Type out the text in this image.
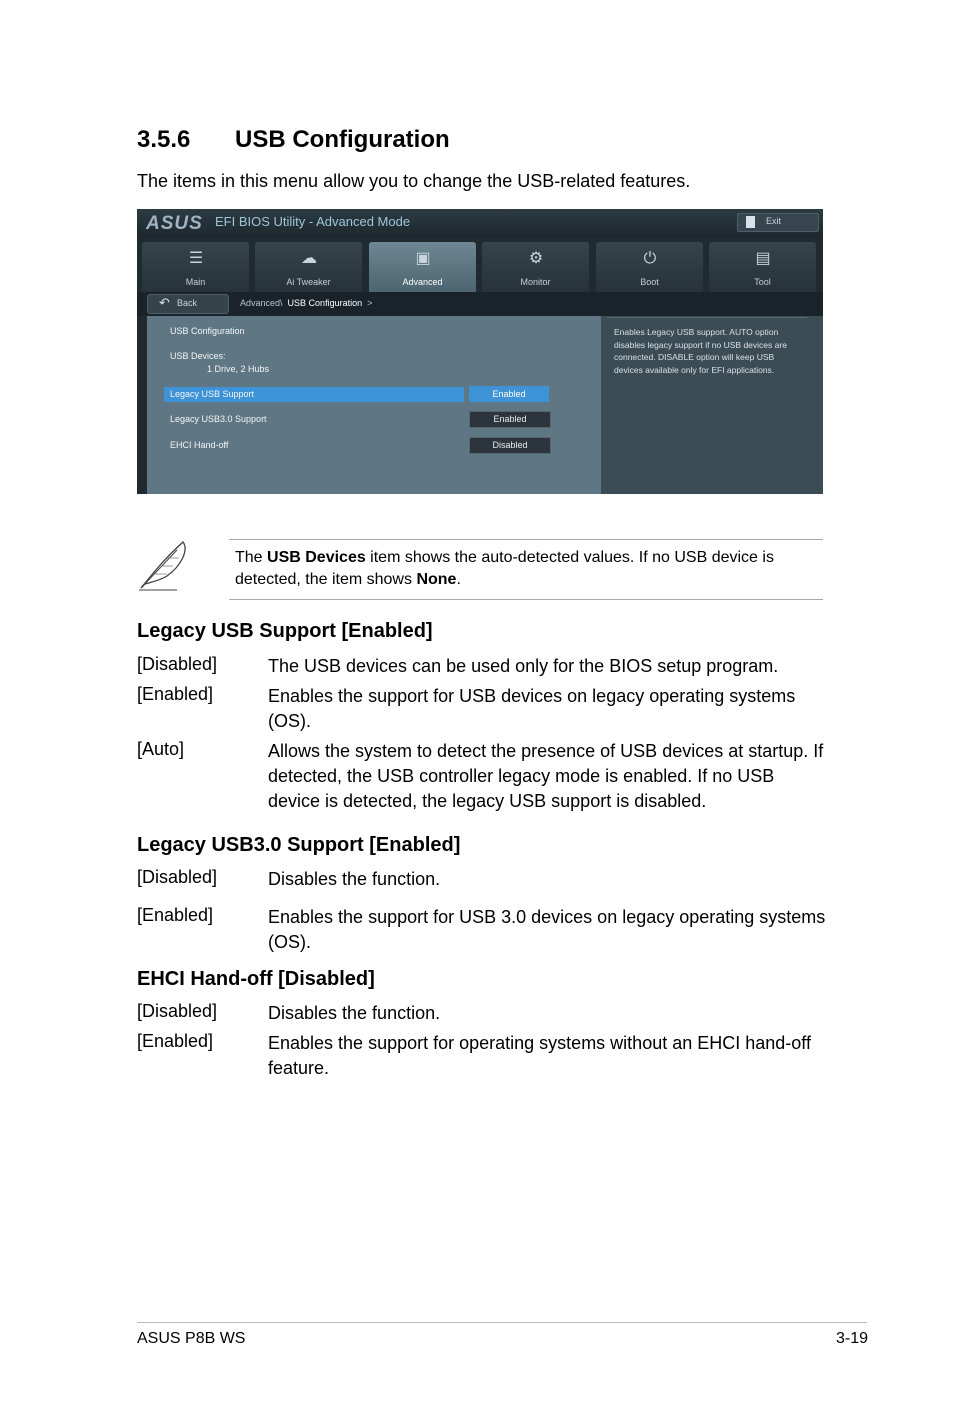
3.5.6 USB Configuration
The items in this menu allow you to change the USB-related features.
ASUS EFI BIOS Utility - Advanced Mode	Exit
☰
Main
☁
Ai Tweaker
▣
Advanced
⚙
Monitor
⏻
Boot
▤
Tool
↶ Back	Advanced\ USB Configuration >
Enables Legacy USB support. AUTO option disables legacy support if no USB devices are connected. DISABLE option will keep USB devices available only for EFI applications.
USB Configuration
USB Devices:
1 Drive, 2 Hubs
Legacy USB Support	Enabled
Legacy USB3.0 Support	Enabled
EHCI Hand-off	Disabled
The USB Devices item shows the auto-detected values. If no USB device is detected, the item shows None.
Legacy USB Support [Enabled]
[Disabled]	The USB devices can be used only for the BIOS setup program.
[Enabled]	Enables the support for USB devices on legacy operating systems (OS).
[Auto]	Allows the system to detect the presence of USB devices at startup. If detected, the USB controller legacy mode is enabled. If no USB device is detected, the legacy USB support is disabled.
Legacy USB3.0 Support [Enabled]
[Disabled]	Disables the function.
[Enabled]	Enables the support for USB 3.0 devices on legacy operating systems (OS).
EHCI Hand-off [Disabled]
[Disabled]	Disables the function.
[Enabled]	Enables the support for operating systems without an EHCI hand-off feature.
ASUS P8B WS	3-19
